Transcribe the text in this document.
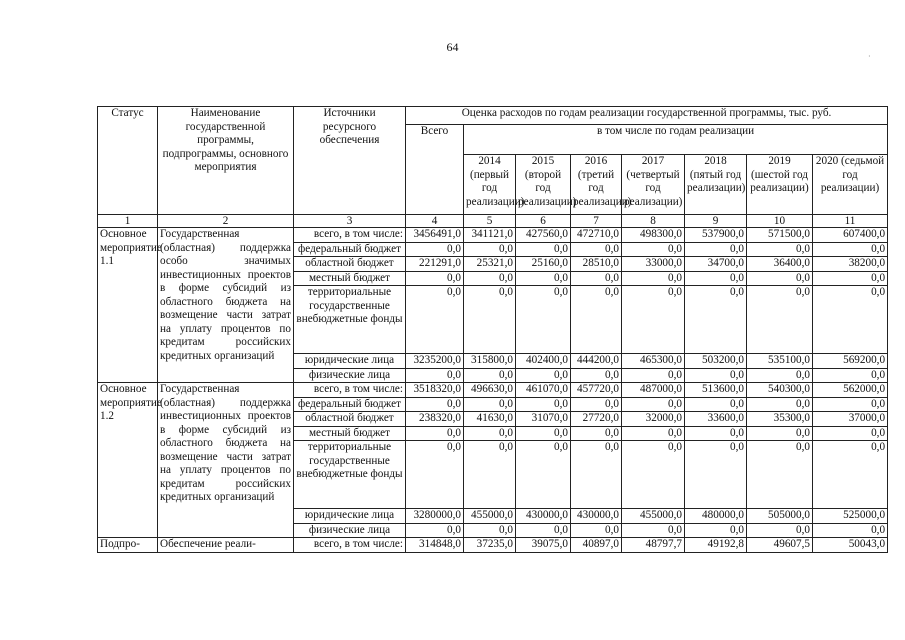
64
·
Статус	Наименование государственной программы, подпрограммы, основного мероприятия	Источники ресурсного обеспечения	Оценка расходов по годам реализации государственной программы, тыс. руб.							
			Всего	в том числе по годам реализации						
				2014 (первый год реализации)	2015 (второй год реализации)	2016 (третий год реализации)	2017 (четвертый год реализации)	2018 (пятый год реализации)	2019 (шестой год реализации)	2020 (седьмой год реализации)
1	2	3	4	5	6	7	8	9	10	11
Основное мероприятие 1.1	Государственная (областная) поддержка особо значимых инвестиционных проектов в форме субсидий из областного бюджета на возмещение части затрат на уплату процентов по кредитам российских кредитных организаций	всего, в том числе:	3456491,0	341121,0	427560,0	472710,0	498300,0	537900,0	571500,0	607400,0
		федеральный бюджет	0,0	0,0	0,0	0,0	0,0	0,0	0,0	0,0
		областной бюджет	221291,0	25321,0	25160,0	28510,0	33000,0	34700,0	36400,0	38200,0
		местный бюджет	0,0	0,0	0,0	0,0	0,0	0,0	0,0	0,0
		территориальные государственные внебюджетные фонды	0,0	0,0	0,0	0,0	0,0	0,0	0,0	0,0
		юридические лица	3235200,0	315800,0	402400,0	444200,0	465300,0	503200,0	535100,0	569200,0
		физические лица	0,0	0,0	0,0	0,0	0,0	0,0	0,0	0,0
Основное мероприятие 1.2	Государственная (областная) поддержка инвестиционных проектов в форме субсидий из областного бюджета на возмещение части затрат на уплату процентов по кредитам российских кредитных организаций	всего, в том числе:	3518320,0	496630,0	461070,0	457720,0	487000,0	513600,0	540300,0	562000,0
		федеральный бюджет	0,0	0,0	0,0	0,0	0,0	0,0	0,0	0,0
		областной бюджет	238320,0	41630,0	31070,0	27720,0	32000,0	33600,0	35300,0	37000,0
		местный бюджет	0,0	0,0	0,0	0,0	0,0	0,0	0,0	0,0
		территориальные государственные внебюджетные фонды	0,0	0,0	0,0	0,0	0,0	0,0	0,0	0,0
		юридические лица	3280000,0	455000,0	430000,0	430000,0	455000,0	480000,0	505000,0	525000,0
		физические лица	0,0	0,0	0,0	0,0	0,0	0,0	0,0	0,0
Подпро-	Обеспечение реали-	всего, в том числе:	314848,0	37235,0	39075,0	40897,0	48797,7	49192,8	49607,5	50043,0
